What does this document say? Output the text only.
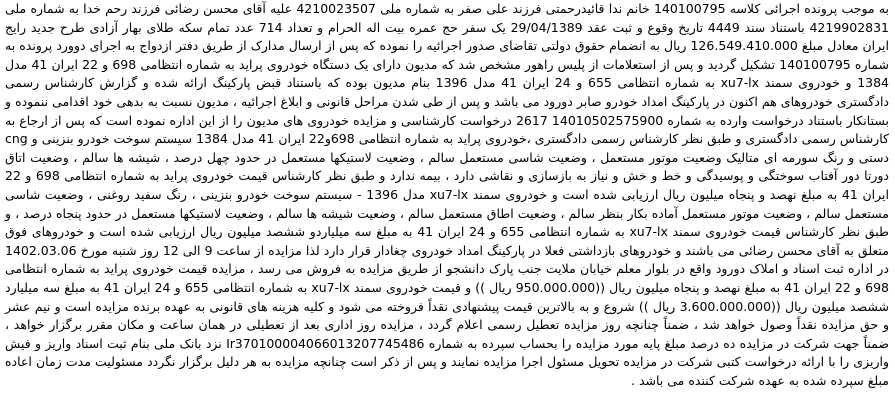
به موجب پرونده اجرائی کلاسه 140100795 خانم ندا قائیدرحمتی فرزند علی صفر به شماره ملی 4210023507 علیه آقای محسن رضائی فرزند رحم خدا به شماره ملی 4219902831 باستناد سند 4449 تاریخ وقوع و ثبت عقد 29/04/1389 یک سفر حج عمره بیت اله الحرام و تعداد 714 عدد تمام سکه طلای بهار آزادی طرح جدید رایج ایران معادل مبلغ 126.549.410.000 ریال به انضمام حقوق دولتی تقاضای صدور اجرائیه را نموده که پس از ارسال مدارک از طریق دفتر ازدواج به اجرای دوورد پرونده به شماره 140100795 تشکیل گردید و پس از استعلامات از پلیس راهور مشخص شد که مدیون دارای یک دستگاه خودروی پراید به شماره انتظامی 698 و 22 ایران 41 مدل 1384 و خودروی سمند xu7-lx به شماره انتظامی 655 و 24 ایران 41 مدل 1396 بنام مدیون بوده که باستناد قبض پارکینگ ارائه شده و گزارش کارشناس رسمی دادگستری خودروهای هم اکنون در پارکینگ امداد خودرو صابر دورود می باشد و پس از طی شدن مراحل قانونی و ابلاغ اجرائیه ، مدیون نسبت به بدهی خود اقدامی ننموده و بستانکار باستناد درخواست وارده به شماره 14010502575900 2617 درخواست کارشناسی و مزایده خودروی های مدیون را از این اداره نموده است که پس از ارجاع به کارشناس رسمی دادگستری و طبق نظر کارشناس رسمی دادگستری ،خودروی پراید به شماره انتظامی 698و22 ایران 41 مدل 1384 سیستم سوخت خودرو بنزینی و cng دستی و رنگ سورمه ای متالیک وضعیت موتور مستعمل ، وضعیت شاسی مستعمل سالم ، وضعیت لاستیکها مستعمل در حدود چهل درصد ، شیشه ها سالم ، وضعیت اتاق دورتا دور آفتاب سوختگی و پوسیدگی و خط و خش و نیاز به بازسازی و نقاشی دارد ، بیمه ندارد و طبق نظر کارشناس قیمت خودروی پراید به شماره انتظامی 698 و 22 ایران 41 به مبلغ نهصد و پنجاه میلیون ریال ارزیابی شده است و خودروی سمند xu7-lx مدل 1396 - سیستم سوخت خودرو بنزینی ، رنگ سفید روغنی ، وضعیت شاسی مستعمل سالم ، وضعیت موتور مستعمل آماده بکار بنظر سالم ، وضعیت اطاق مستعمل سالم ، وضعیت شیشه ها سالم ، وضعیت لاستیکها مستعمل در حدود پنجاه درصد ، و طبق نظر کارشناس قیمت خودروی سمند xu7-lx به شماره انتظامی 655 و 24 ایران 41 به مبلغ سه میلیاردو ششصد میلیون ریال ارزیابی شده است و خودروهای فوق متعلق به آقای محسن رضائی می باشند و خودروهای بازداشتی فعلا در پارکینگ امداد خودروی چغادار قرار دارد لذا مزایده از ساعت 9 الی 12 روز شنبه مورخ 1402.03.06 در اداره ثبت اسناد و املاک دورود واقع در بلوار معلم خیابان ملایت جنب پارک دانشجو از طریق مزایده به فروش می رسد ، مزایده قیمت خودروی پراید به شماره انتظامی 698 و 22 ایران 41 به مبلغ نهصد و پنجاه میلیون ریال ((950.000.000 ریال )) و قیمت خودروی سمند xu7-lx به شماره انتظامی 655 و 24 ایران 41 به مبلغ سه میلیارد ششصد میلیون ریال ((3.600.000.000 ریال )) شروع و به بالاترین قیمت پیشنهادی نقداً فروخته می شود و کلیه هزینه های قانونی به عهده برنده مزایده است و نیم عشر و حق مزایده نقداً وصول خواهد شد ، ضمناً چنانچه روز مزایده تعطیل رسمی اعلام گردد ، مزایده روز اداری بعد از تعطیلی در همان ساعت و مکان مقرر برگزار خواهد ، ضمناً جهت شرکت در مزایده ده درصد مبلغ پایه مورد مزایده را بحساب سپرده به شماره Ir370100004066013207745486 نزد بانک ملی بنام ثبت اسناد واریز و فیش واریزی را با ارائه درخواست کتبی شرکت در مزایده تحویل مسئول اجرا مزایده نمایند و پس از ذکر است چنانچه مزایده به هر دلیل برگزار نگردد مسئولیت مدت زمان اعاده مبلغ سپرده شده به عهده شرکت کننده می باشد .
